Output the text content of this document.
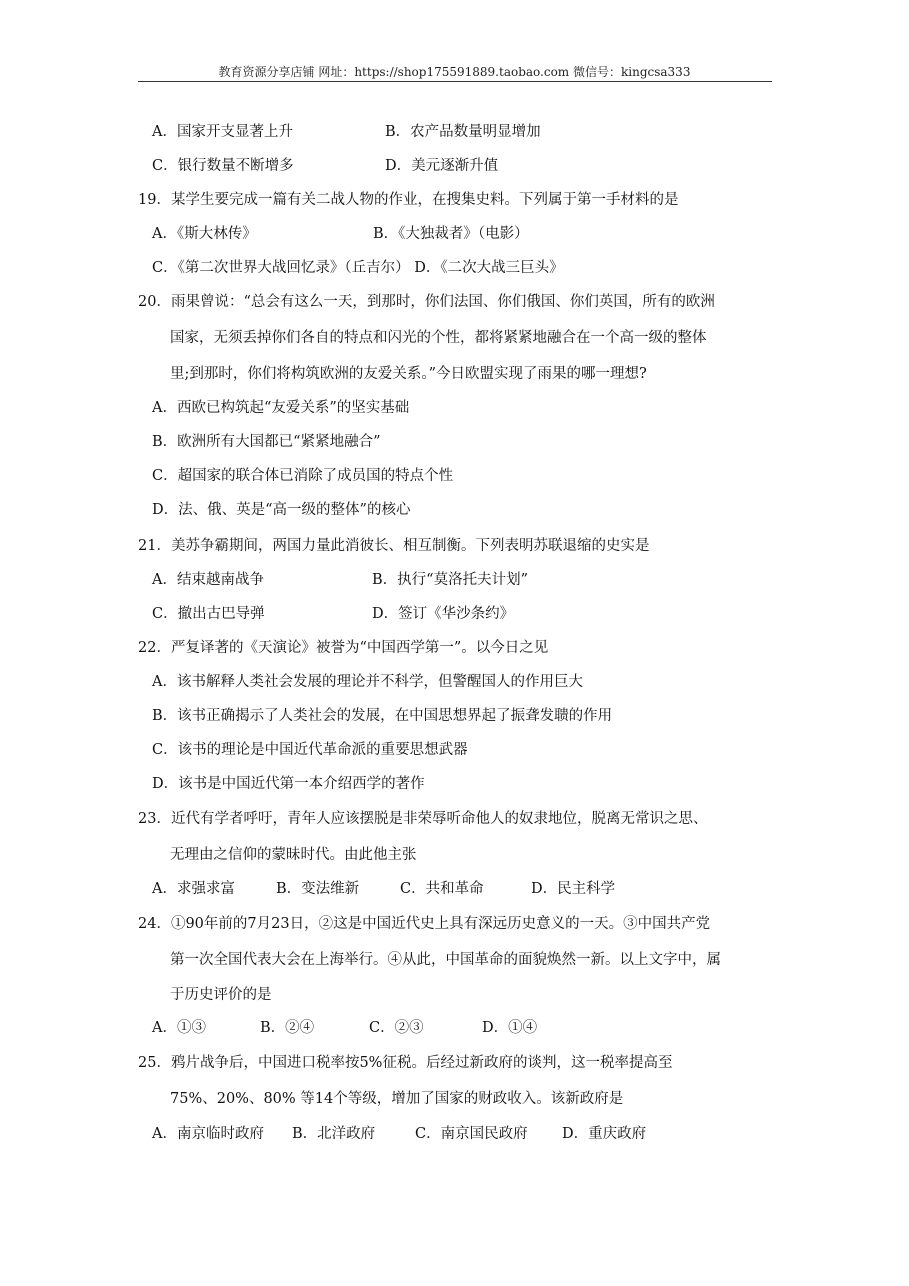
教育资源分享店铺 网址：https://shop175591889.taobao.com 微信号：kingcsa333
A．国家开支显著上升	B．农产品数量明显增加
C．银行数量不断增多	D．美元逐渐升值
19．某学生要完成一篇有关二战人物的作业，在搜集史料。下列属于第一手材料的是
A．《斯大林传》	B．《大独裁者》（电影）
C．《第二次世界大战回忆录》（丘吉尔） D．《二次大战三巨头》
20．雨果曾说：“总会有这么一天，到那时，你们法国、你们俄国、你们英国，所有的欧洲
国家，无须丢掉你们各自的特点和闪光的个性，都将紧紧地融合在一个高一级的整体
里;到那时，你们将构筑欧洲的友爱关系。”今日欧盟实现了雨果的哪一理想?
A．西欧已构筑起“友爱关系”的坚实基础
B．欧洲所有大国都已“紧紧地融合”
C．超国家的联合体已消除了成员国的特点个性
D．法、俄、英是“高一级的整体”的核心
21．美苏争霸期间，两国力量此消彼长、相互制衡。下列表明苏联退缩的史实是
A．结束越南战争	B．执行“莫洛托夫计划”
C．撤出古巴导弹	D．签订《华沙条约》
22．严复译著的《天演论》被誉为“中国西学第一”。以今日之见
A．该书解释人类社会发展的理论并不科学，但警醒国人的作用巨大
B．该书正确揭示了人类社会的发展，在中国思想界起了振聋发聩的作用
C．该书的理论是中国近代革命派的重要思想武器
D．该书是中国近代第一本介绍西学的著作
23．近代有学者呼吁，青年人应该摆脱是非荣辱听命他人的奴隶地位，脱离无常识之思、
无理由之信仰的蒙昧时代。由此他主张
A．求强求富	B．变法维新	C．共和革命	D．民主科学
24．①90年前的7月23日，②这是中国近代史上具有深远历史意义的一天。③中国共产党
第一次全国代表大会在上海举行。④从此，中国革命的面貌焕然一新。以上文字中，属
于历史评价的是
A．①③	B．②④	C．②③	D．①④
25．鸦片战争后，中国进口税率按5%征税。后经过新政府的谈判，这一税率提高至
75%、20%、80% 等14个等级，增加了国家的财政收入。该新政府是
A．南京临时政府 B．北洋政府	C．南京国民政府 D．重庆政府
